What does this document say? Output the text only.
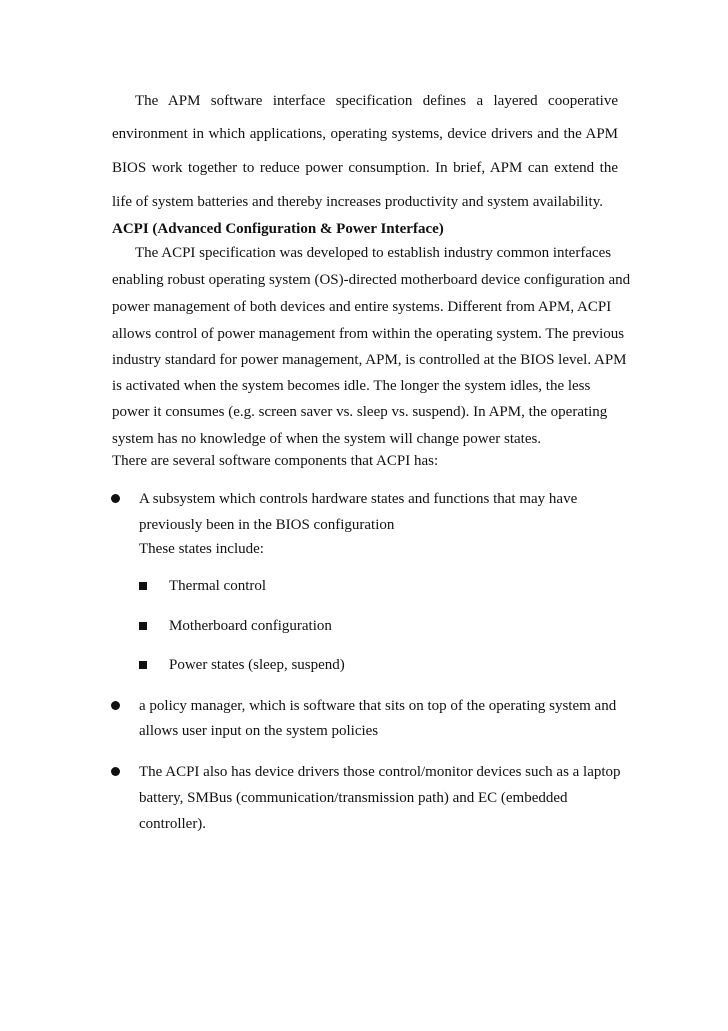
The APM software interface specification defines a layered cooperative
environment in which applications, operating systems, device drivers and the APM
BIOS work together to reduce power consumption. In brief, APM can extend the
life of system batteries and thereby increases productivity and system availability.
ACPI (Advanced Configuration & Power Interface)
The ACPI specification was developed to establish industry common interfaces
enabling robust operating system (OS)-directed motherboard device configuration and
power management of both devices and entire systems. Different from APM, ACPI
allows control of power management from within the operating system. The previous
industry standard for power management, APM, is controlled at the BIOS level. APM
is activated when the system becomes idle. The longer the system idles, the less
power it consumes (e.g. screen saver vs. sleep vs. suspend). In APM, the operating
system has no knowledge of when the system will change power states.
There are several software components that ACPI has:
A subsystem which controls hardware states and functions that may have
previously been in the BIOS configuration
These states include:
Thermal control
Motherboard configuration
Power states (sleep, suspend)
a policy manager, which is software that sits on top of the operating system and
allows user input on the system policies
The ACPI also has device drivers those control/monitor devices such as a laptop
battery, SMBus (communication/transmission path) and EC (embedded
controller).
